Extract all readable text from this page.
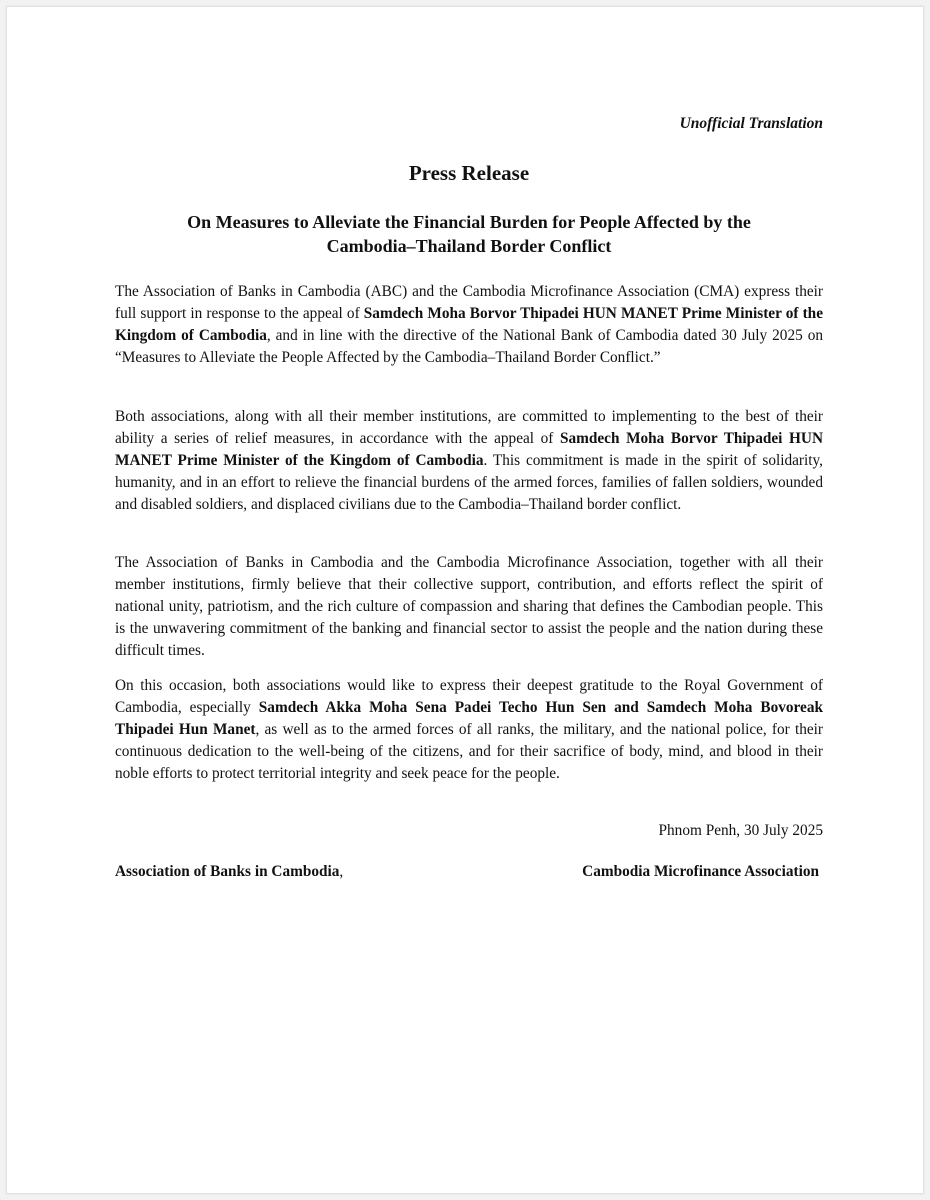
Unofficial Translation
Press Release
On Measures to Alleviate the Financial Burden for People Affected by the
Cambodia–Thailand Border Conflict

The Association of Banks in Cambodia (ABC) and the Cambodia Microfinance Association (CMA) express their full support in response to the appeal of Samdech Moha Borvor Thipadei HUN MANET Prime Minister of the Kingdom of Cambodia, and in line with the directive of the National Bank of Cambodia dated 30 July 2025 on “Measures to Alleviate the People Affected by the Cambodia–Thailand Border Conflict.”

Both associations, along with all their member institutions, are committed to implementing to the best of their ability a series of relief measures, in accordance with the appeal of Samdech Moha Borvor Thipadei HUN MANET Prime Minister of the Kingdom of Cambodia. This commitment is made in the spirit of solidarity, humanity, and in an effort to relieve the financial burdens of the armed forces, families of fallen soldiers, wounded and disabled soldiers, and displaced civilians due to the Cambodia–Thailand border conflict.

The Association of Banks in Cambodia and the Cambodia Microfinance Association, together with all their member institutions, firmly believe that their collective support, contribution, and efforts reflect the spirit of national unity, patriotism, and the rich culture of compassion and sharing that defines the Cambodian people. This is the unwavering commitment of the banking and financial sector to assist the people and the nation during these difficult times.

On this occasion, both associations would like to express their deepest gratitude to the Royal Government of Cambodia, especially Samdech Akka Moha Sena Padei Techo Hun Sen and Samdech Moha Bovoreak Thipadei Hun Manet, as well as to the armed forces of all ranks, the military, and the national police, for their continuous dedication to the well-being of the citizens, and for their sacrifice of body, mind, and blood in their noble efforts to protect territorial integrity and seek peace for the people.

Phnom Penh, 30 July 2025
Association of Banks in Cambodia,	Cambodia Microfinance Association
